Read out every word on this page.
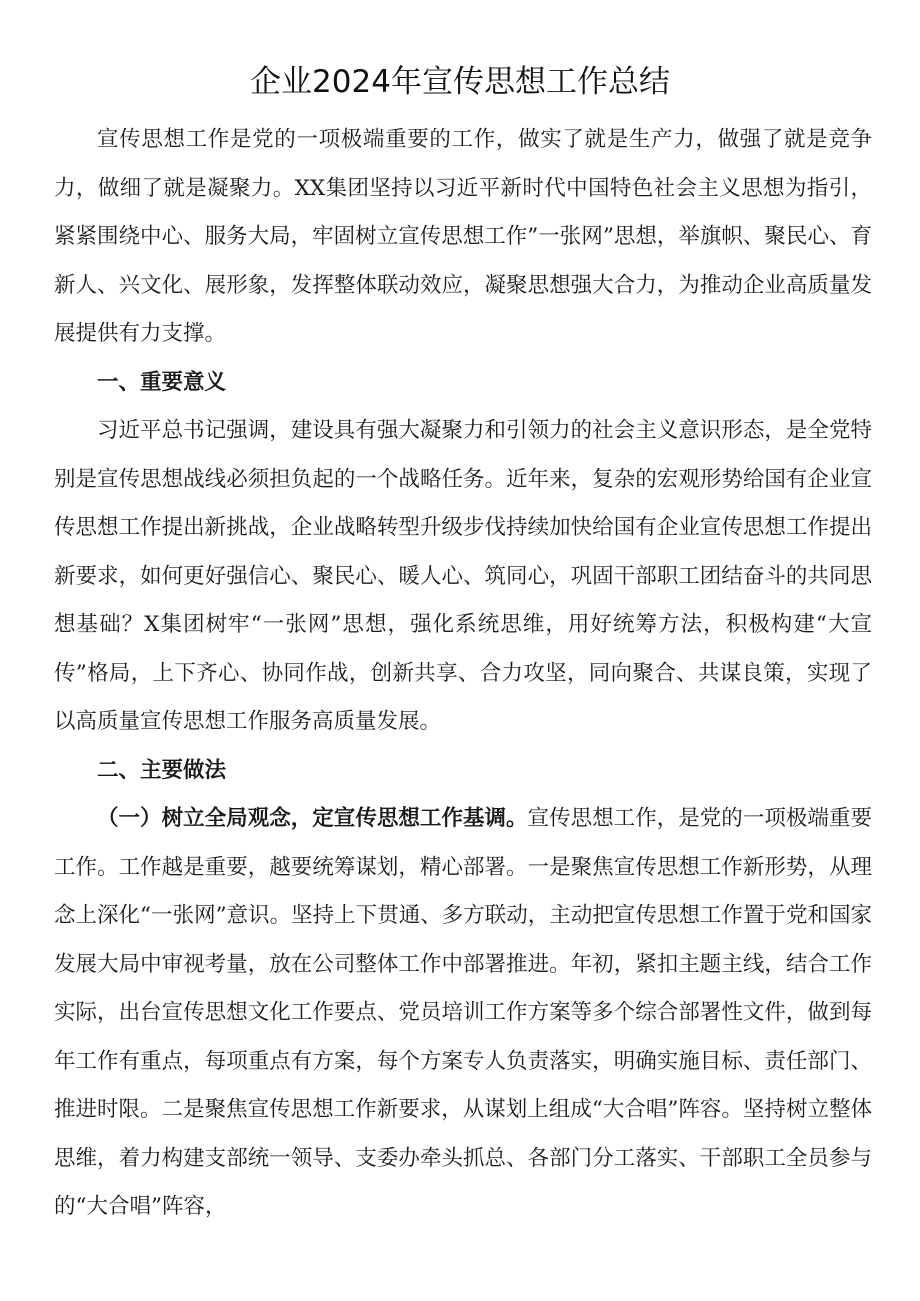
企业2024年宣传思想工作总结

宣传思想工作是党的一项极端重要的工作，做实了就是生产力，做强了就是竞争力，做细了就是凝聚力。XX集团坚持以习近平新时代中国特色社会主义思想为指引，紧紧围绕中心、服务大局，牢固树立宣传思想工作”一张网”思想，举旗帜、聚民心、育新人、兴文化、展形象，发挥整体联动效应，凝聚思想强大合力，为推动企业高质量发展提供有力支撑。

一、重要意义

习近平总书记强调，建设具有强大凝聚力和引领力的社会主义意识形态，是全党特别是宣传思想战线必须担负起的一个战略任务。近年来，复杂的宏观形势给国有企业宣传思想工作提出新挑战，企业战略转型升级步伐持续加快给国有企业宣传思想工作提出新要求，如何更好强信心、聚民心、暖人心、筑同心，巩固干部职工团结奋斗的共同思想基础？X集团树牢“一张网”思想，强化系统思维，用好统筹方法，积极构建“大宣传”格局，上下齐心、协同作战，创新共享、合力攻坚，同向聚合、共谋良策，实现了以高质量宣传思想工作服务高质量发展。

二、主要做法

（一）树立全局观念，定宣传思想工作基调。宣传思想工作，是党的一项极端重要工作。工作越是重要，越要统筹谋划，精心部署。一是聚焦宣传思想工作新形势，从理念上深化“一张网”意识。坚持上下贯通、多方联动，主动把宣传思想工作置于党和国家发展大局中审视考量，放在公司整体工作中部署推进。年初，紧扣主题主线，结合工作实际，出台宣传思想文化工作要点、党员培训工作方案等多个综合部署性文件，做到每年工作有重点，每项重点有方案，每个方案专人负责落实，明确实施目标、责任部门、推进时限。二是聚焦宣传思想工作新要求，从谋划上组成“大合唱”阵容。坚持树立整体思维，着力构建支部统一领导、支委办牵头抓总、各部门分工落实、干部职工全员参与的“大合唱”阵容，
